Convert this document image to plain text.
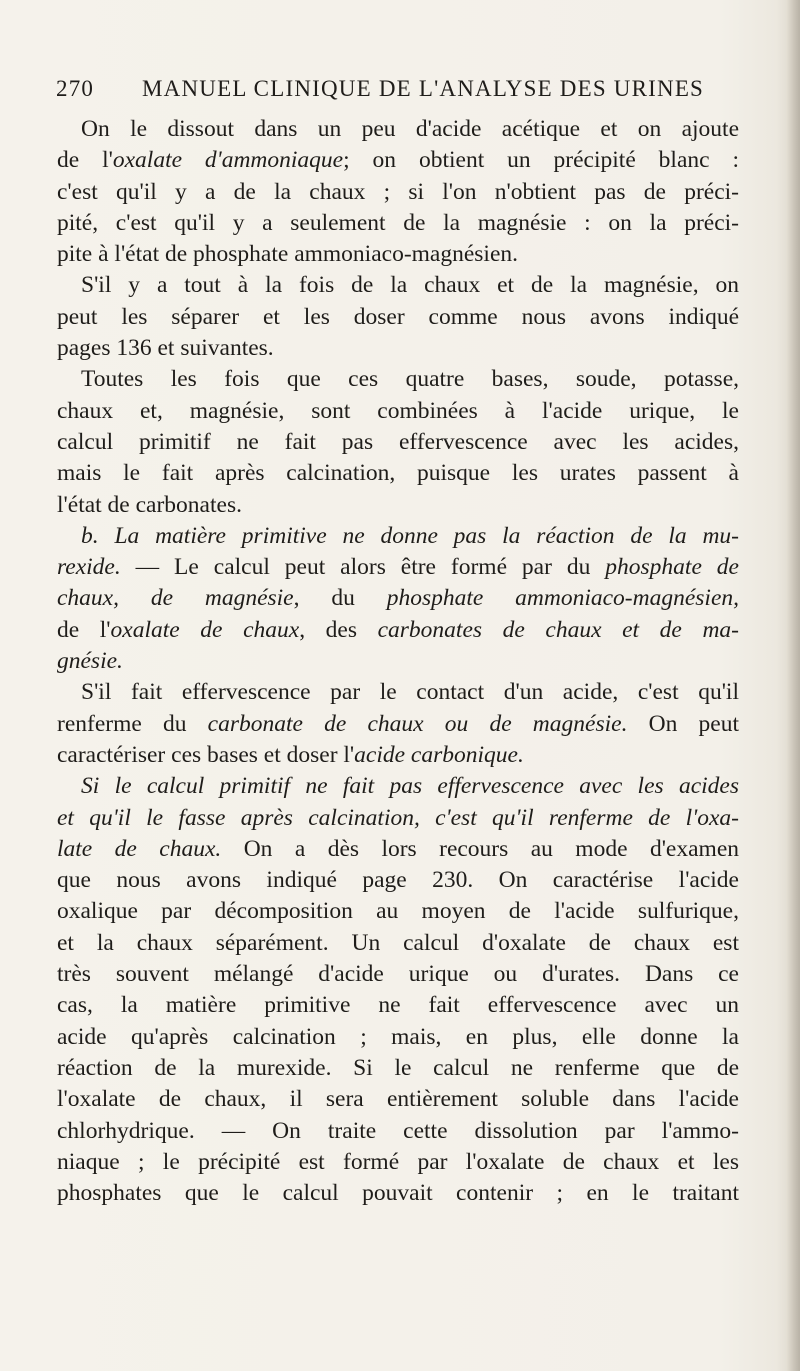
270 MANUEL CLINIQUE DE L'ANALYSE DES URINES

On le dissout dans un peu d'acide acétique et on ajoute
de l'oxalate d'ammoniaque; on obtient un précipité blanc :
c'est qu'il y a de la chaux ; si l'on n'obtient pas de préci-
pité, c'est qu'il y a seulement de la magnésie : on la préci-
pite à l'état de phosphate ammoniaco-magnésien.

S'il y a tout à la fois de la chaux et de la magnésie, on
peut les séparer et les doser comme nous avons indiqué
pages 136 et suivantes.

Toutes les fois que ces quatre bases, soude, potasse,
chaux et, magnésie, sont combinées à l'acide urique, le
calcul primitif ne fait pas effervescence avec les acides,
mais le fait après calcination, puisque les urates passent à
l'état de carbonates.

b. La matière primitive ne donne pas la réaction de la mu-
rexide. — Le calcul peut alors être formé par du phosphate de
chaux, de magnésie, du phosphate ammoniaco-magnésien,
de l'oxalate de chaux, des carbonates de chaux et de ma-
gnésie.

S'il fait effervescence par le contact d'un acide, c'est qu'il
renferme du carbonate de chaux ou de magnésie. On peut
caractériser ces bases et doser l'acide carbonique.

Si le calcul primitif ne fait pas effervescence avec les acides
et qu'il le fasse après calcination, c'est qu'il renferme de l'oxa-
late de chaux. On a dès lors recours au mode d'examen
que nous avons indiqué page 230. On caractérise l'acide
oxalique par décomposition au moyen de l'acide sulfurique,
et la chaux séparément. Un calcul d'oxalate de chaux est
très souvent mélangé d'acide urique ou d'urates. Dans ce
cas, la matière primitive ne fait effervescence avec un
acide qu'après calcination ; mais, en plus, elle donne la
réaction de la murexide. Si le calcul ne renferme que de
l'oxalate de chaux, il sera entièrement soluble dans l'acide
chlorhydrique. — On traite cette dissolution par l'ammo-
niaque ; le précipité est formé par l'oxalate de chaux et les
phosphates que le calcul pouvait contenir ; en le traitant
